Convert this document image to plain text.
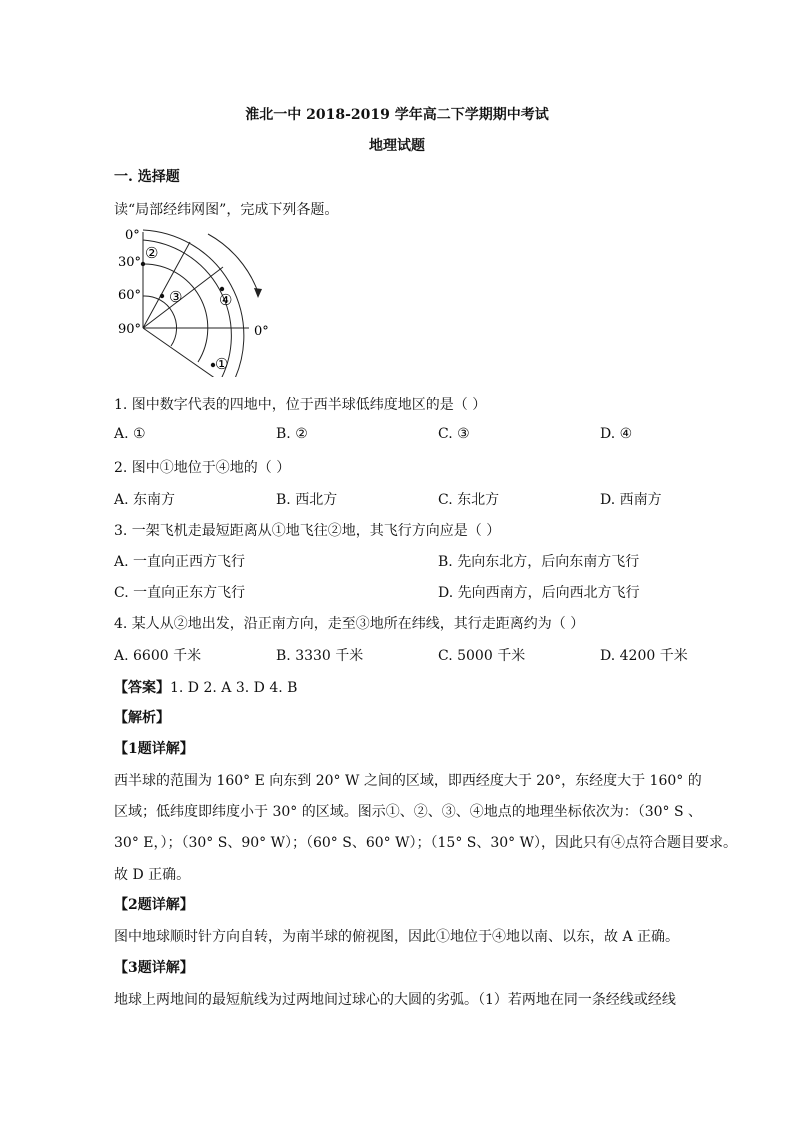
淮北一中 2018-2019 学年高二下学期期中考试
地理试题
一. 选择题
读“局部经纬网图”，完成下列各题。
0°
30°
60°
90°	0°
②
③ ④
①
1. 图中数字代表的四地中，位于西半球低纬度地区的是（ ）
A. ①	B. ②	C. ③	D. ④
2. 图中①地位于④地的（ ）
A. 东南方	B. 西北方	C. 东北方	D. 西南方
3. 一架飞机走最短距离从①地飞往②地，其飞行方向应是（ ）
A. 一直向正西方飞行	B. 先向东北方，后向东南方飞行
C. 一直向正东方飞行	D. 先向西南方，后向西北方飞行
4. 某人从②地出发，沿正南方向，走至③地所在纬线，其行走距离约为（ ）
A. 6600 千米	B. 3330 千米	C. 5000 千米	D. 4200 千米
【答案】1. D 2. A 3. D 4. B
【解析】
【1题详解】
西半球的范围为 160° E 向东到 20° W 之间的区域，即西经度大于 20°，东经度大于 160° 的
区域；低纬度即纬度小于 30° 的区域。图示①、②、③、④地点的地理坐标依次为：（30° S 、
30° E，）；（30° S、90° W）；（60° S、60° W）；（15° S、30° W），因此只有④点符合题目要求。
故 D 正确。
【2题详解】
图中地球顺时针方向自转，为南半球的俯视图，因此①地位于④地以南、以东，故 A 正确。
【3题详解】
地球上两地间的最短航线为过两地间过球心的大圆的劣弧。（1）若两地在同一条经线或经线
